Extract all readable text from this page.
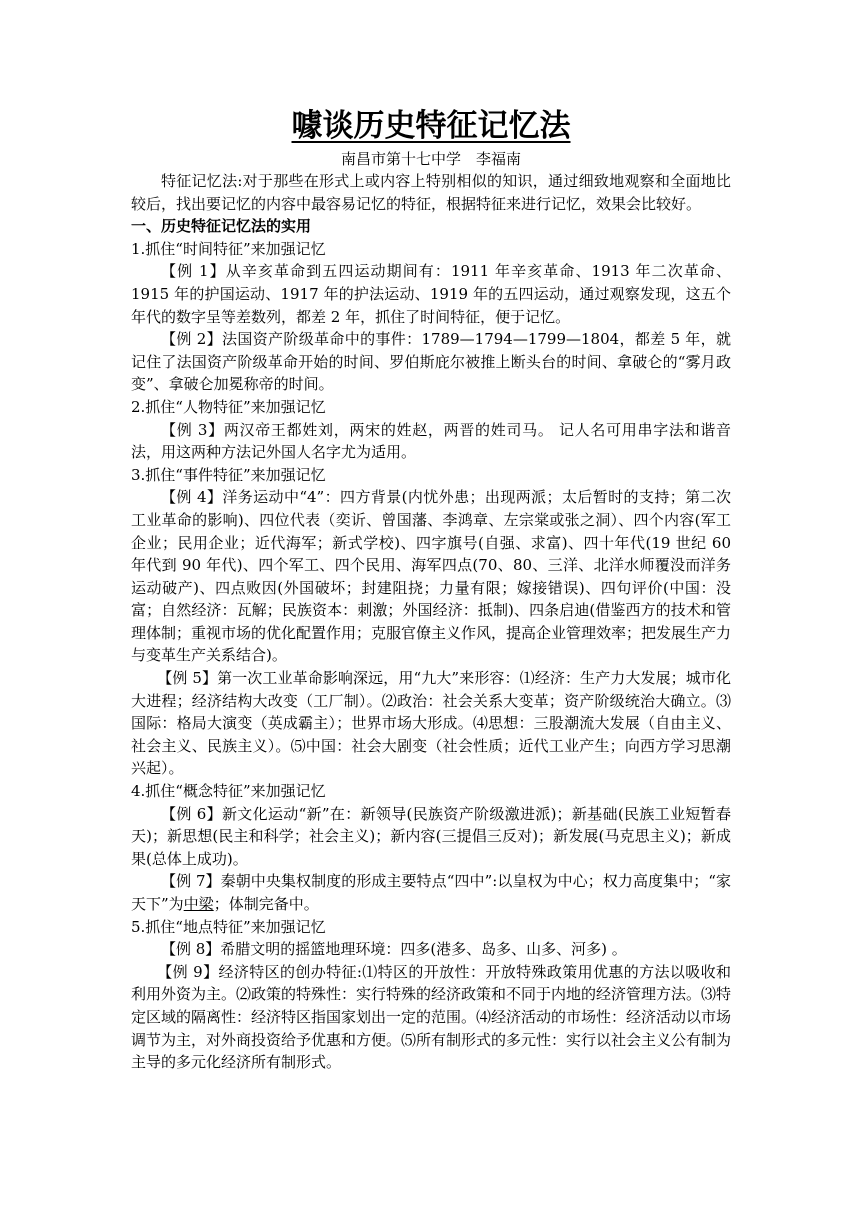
噱谈历史特征记忆法

南昌市第十七中学　李福南

特征记忆法:对于那些在形式上或内容上特别相似的知识，通过细致地观察和全面地比较后，找出要记忆的内容中最容易记忆的特征，根据特征来进行记忆，效果会比较好。

一、历史特征记忆法的实用

1.抓住“时间特征”来加强记忆

【例 1】从辛亥革命到五四运动期间有：1911 年辛亥革命、1913 年二次革命、1915 年的护国运动、1917 年的护法运动、1919 年的五四运动，通过观察发现，这五个年代的数字呈等差数列，都差 2 年，抓住了时间特征，便于记忆。

【例 2】法国资产阶级革命中的事件：1789—1794—1799—1804，都差 5 年，就记住了法国资产阶级革命开始的时间、罗伯斯庇尔被推上断头台的时间、拿破仑的“雾月政变”、拿破仑加冕称帝的时间。

2.抓住“人物特征”来加强记忆

【例 3】两汉帝王都姓刘，两宋的姓赵，两晋的姓司马。 记人名可用串字法和谐音法，用这两种方法记外国人名字尤为适用。

3.抓住“事件特征”来加强记忆

【例 4】洋务运动中“4”：四方背景(内忧外患；出现两派；太后暂时的支持；第二次工业革命的影响)、四位代表（奕䜣、曾国藩、李鸿章、左宗棠或张之洞）、四个内容(军工企业；民用企业；近代海军；新式学校)、四字旗号(自强、求富)、四十年代(19 世纪 60 年代到 90 年代)、四个军工、四个民用、海军四点(70、80、三洋、北洋水师覆没而洋务运动破产)、四点败因(外国破坏；封建阻挠；力量有限；嫁接错误)、四句评价(中国：没富；自然经济：瓦解；民族资本：刺激；外国经济：抵制)、四条启迪(借鉴西方的技术和管理体制；重视市场的优化配置作用；克服官僚主义作风，提高企业管理效率；把发展生产力与变革生产关系结合)。

【例 5】第一次工业革命影响深远，用“九大”来形容：⑴经济：生产力大发展；城市化大进程；经济结构大改变（工厂制）。⑵政治：社会关系大变革；资产阶级统治大确立。⑶国际：格局大演变（英成霸主）；世界市场大形成。⑷思想：三股潮流大发展（自由主义、社会主义、民族主义）。⑸中国：社会大剧变（社会性质；近代工业产生；向西方学习思潮兴起）。

4.抓住“概念特征”来加强记忆

【例 6】新文化运动“新”在：新领导(民族资产阶级激进派)；新基础(民族工业短暂春天)；新思想(民主和科学；社会主义)；新内容(三提倡三反对)；新发展(马克思主义)；新成果(总体上成功)。

【例 7】秦朝中央集权制度的形成主要特点“四中”:以皇权为中心；权力高度集中；“家天下”为中梁；体制完备中。

5.抓住“地点特征”来加强记忆

【例 8】希腊文明的摇篮地理环境：四多(港多、岛多、山多、河多) 。

【例 9】经济特区的创办特征:⑴特区的开放性：开放特殊政策用优惠的方法以吸收和利用外资为主。⑵政策的特殊性：实行特殊的经济政策和不同于内地的经济管理方法。⑶特定区域的隔离性：经济特区指国家划出一定的范围。⑷经济活动的市场性：经济活动以市场调节为主，对外商投资给予优惠和方便。⑸所有制形式的多元性：实行以社会主义公有制为主导的多元化经济所有制形式。
